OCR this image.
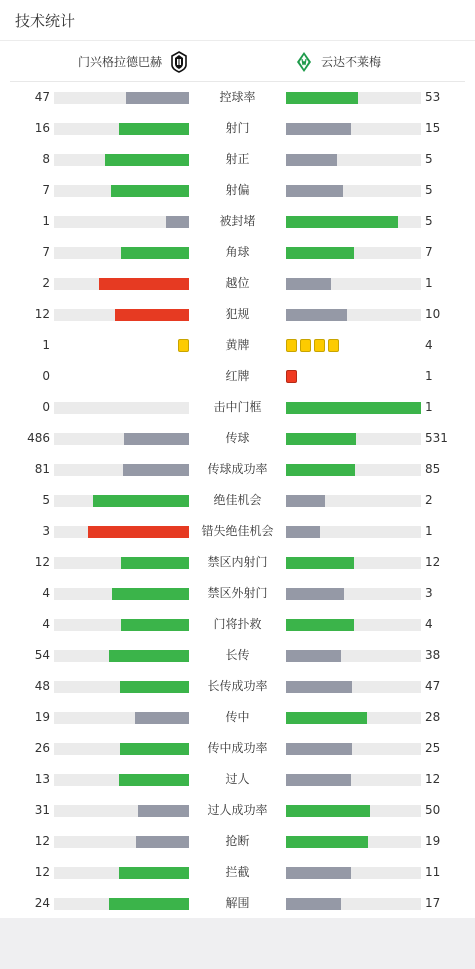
技术统计
门兴格拉德巴赫	云达不莱梅
47	控球率	53
16	射门	15
8	射正	5
7	射偏	5
1	被封堵	5
7	角球	7
2	越位	1
12	犯规	10
1	黄牌	4
0	红牌	1
0	击中门框	1
486	传球	531
81	传球成功率	85
5	绝佳机会	2
3	错失绝佳机会	1
12	禁区内射门	12
4	禁区外射门	3
4	门将扑救	4
54	长传	38
48	长传成功率	47
19	传中	28
26	传中成功率	25
13	过人	12
31	过人成功率	50
12	抢断	19
12	拦截	11
24	解围	17
